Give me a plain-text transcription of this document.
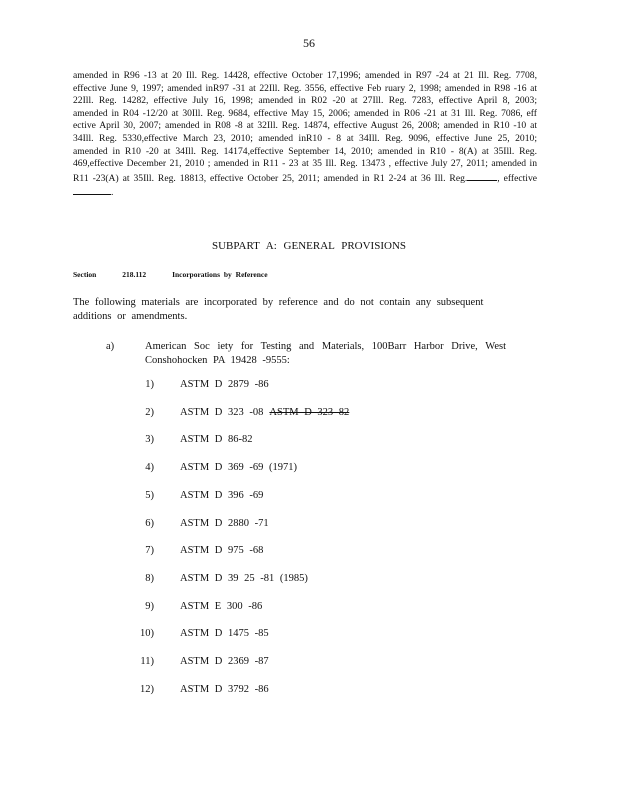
56
amended in R96 -13 at 20 Ill. Reg. 14428, effective October 17,1996; amended in R97 -24 at 21 Ill. Reg. 7708, effective June 9, 1997; amended inR97 -31 at 22Ill. Reg. 3556, effective Feb ruary 2, 1998; amended in R98 -16 at 22Ill. Reg. 14282, effective July 16, 1998; amended in R02 -20 at 27Ill. Reg. 7283, effective April 8, 2003; amended in R04 -12/20 at 30Ill. Reg. 9684, effective May 15, 2006; amended in R06 -21 at 31 Ill. Reg. 7086, eff ective April 30, 2007; amended in R08 -8 at 32Ill. Reg. 14874, effective August 26, 2008; amended in R10 -10 at 34Ill. Reg. 5330,effective March 23, 2010; amended inR10 - 8 at 34Ill. Reg. 9096, effective June 25, 2010; amended in R10 -20 at 34Ill. Reg. 14174,effective September 14, 2010; amended in R10 - 8(A) at 35Ill. Reg. 469,effective December 21, 2010 ; amended in R11 - 23 at 35 Ill. Reg. 13473 , effective July 27, 2011; amended in R11 -23(A) at 35Ill. Reg. 18813, effective October 25, 2011; amended in R1 2-24 at 36 Ill. Reg.	, effective .
SUBPART A: GENERAL PROVISIONS
Section	218.112	Incorporations by Reference
The following materials are incorporated by reference and do not contain any subsequent additions or amendments.
a)	American Soc iety for Testing and Materials, 100Barr Harbor Drive, West Conshohocken PA 19428 -9555:
1) ASTM D 2879 -86
2) ASTM D 323 -08 ASTM D 323 82
3) ASTM D 86-82
4) ASTM D 369 -69 (1971)
5) ASTM D 396 -69
6) ASTM D 2880 -71
7) ASTM D 975 -68
8) ASTM D 39 25 -81 (1985)
9) ASTM E 300 -86
10) ASTM D 1475 -85
11) ASTM D 2369 -87
12) ASTM D 3792 -86
